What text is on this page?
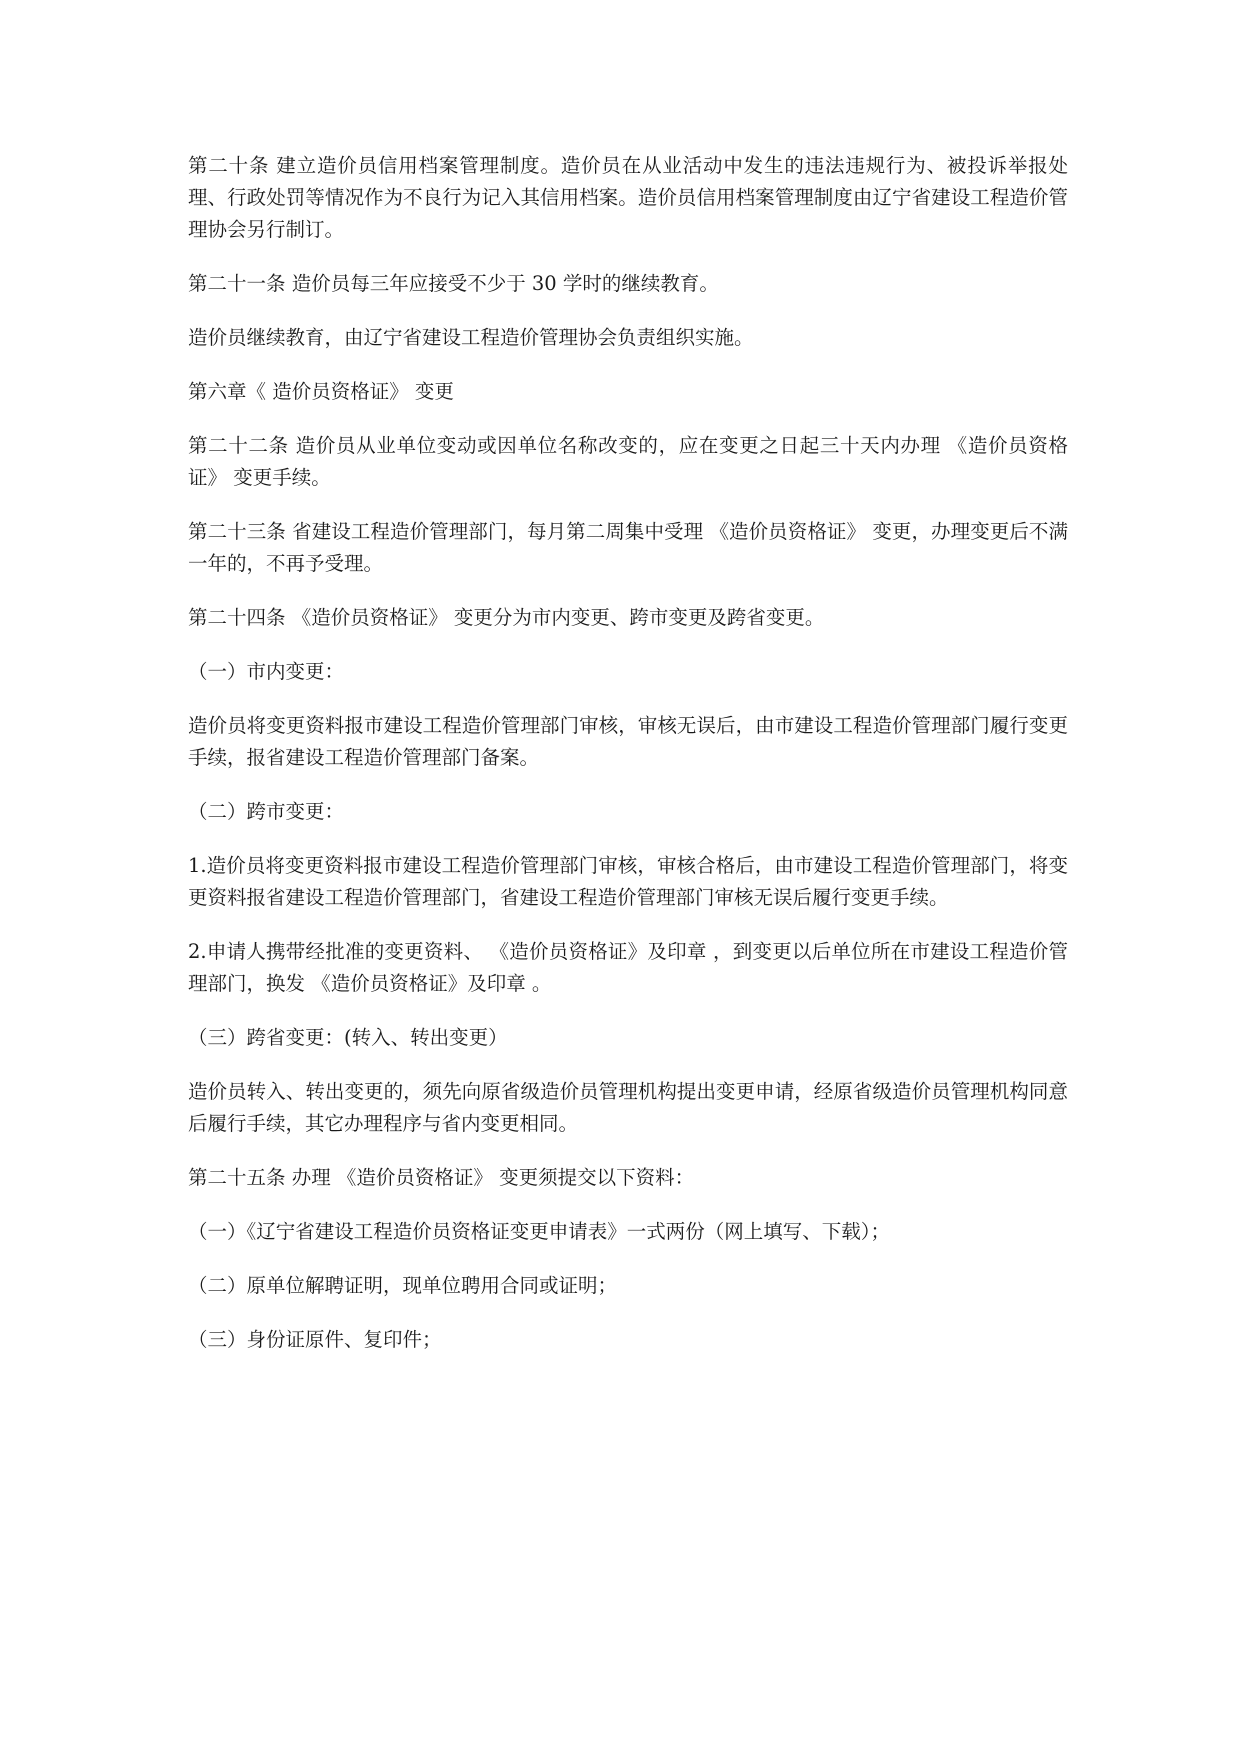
第二十条 建立造价员信用档案管理制度。造价员在从业活动中发生的违法违规行为、被投诉举报处理、行政处罚等情况作为不良行为记入其信用档案。造价员信用档案管理制度由辽宁省建设工程造价管理协会另行制订。

第二十一条 造价员每三年应接受不少于 30 学时的继续教育。

造价员继续教育，由辽宁省建设工程造价管理协会负责组织实施。

第六章《 造价员资格证》 变更

第二十二条 造价员从业单位变动或因单位名称改变的，应在变更之日起三十天内办理 《造价员资格证》 变更手续。

第二十三条 省建设工程造价管理部门，每月第二周集中受理 《造价员资格证》 变更，办理变更后不满一年的，不再予受理。

第二十四条 《造价员资格证》 变更分为市内变更、跨市变更及跨省变更。

（一）市内变更：

造价员将变更资料报市建设工程造价管理部门审核，审核无误后，由市建设工程造价管理部门履行变更手续，报省建设工程造价管理部门备案。

（二）跨市变更：

1.造价员将变更资料报市建设工程造价管理部门审核，审核合格后，由市建设工程造价管理部门，将变更资料报省建设工程造价管理部门，省建设工程造价管理部门审核无误后履行变更手续。

2.申请人携带经批准的变更资料、 《造价员资格证》及印章 ，到变更以后单位所在市建设工程造价管理部门，换发 《造价员资格证》及印章 。

（三）跨省变更：(转入、转出变更）

造价员转入、转出变更的，须先向原省级造价员管理机构提出变更申请，经原省级造价员管理机构同意后履行手续，其它办理程序与省内变更相同。

第二十五条 办理 《造价员资格证》 变更须提交以下资料：

（一）《辽宁省建设工程造价员资格证变更申请表》一式两份（网上填写、下载）；

（二）原单位解聘证明，现单位聘用合同或证明；

（三）身份证原件、复印件；
